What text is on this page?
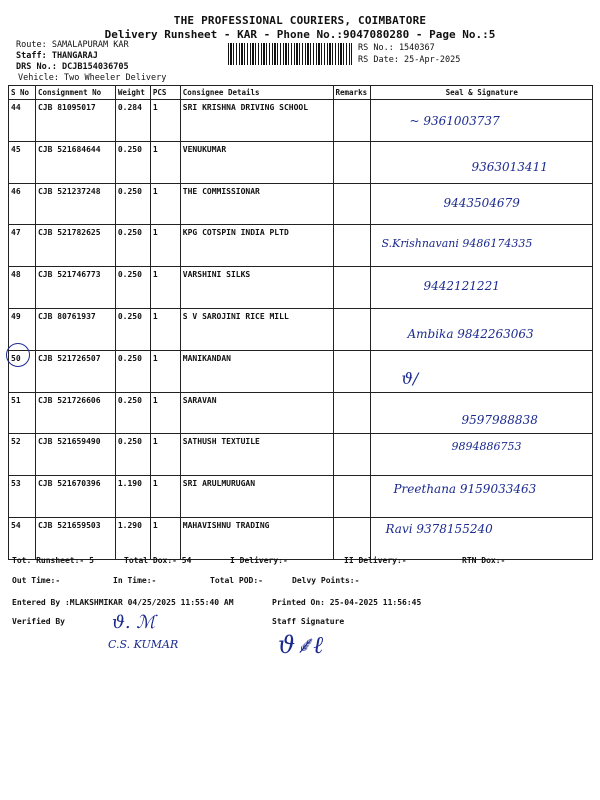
THE PROFESSIONAL COURIERS, COIMBATORE
Delivery Runsheet - KAR - Phone No.:9047080280 - Page No.:5
Route: SAMALAPURAM KAR
Staff: THANGARAJ
DRS No.: DCJB154036705
Vehicle: Two Wheeler Delivery
RS No.: 1540367
RS Date: 25-Apr-2025
S No	Consignment No	Weight	PCS	Consignee Details	Remarks	Seal & Signature
44	CJB 81095017	0.284	1	SRI KRISHNA DRIVING SCHOOL		~ 9361003737

45	CJB 521684644	0.250	1	VENUKUMAR		9363013411

46	CJB 521237248	0.250	1	THE COMMISSIONAR		9443504679

47	CJB 521782625	0.250	1	KPG COTSPIN INDIA PLTD		S.Krishnavani 9486174335

48	CJB 521746773	0.250	1	VARSHINI SILKS		9442121221

49	CJB 80761937	0.250	1	S V SAROJINI RICE MILL		Ambika 9842263063

50	CJB 521726507	0.250	1	MANIKANDAN		ϑ/

51	CJB 521726606	0.250	1	SARAVAN		9597988838

52	CJB 521659490	0.250	1	SATHUSH TEXTUILE		9894886753

53	CJB 521670396	1.190	1	SRI ARULMURUGAN		Preethana 9159033463

54	CJB 521659503	1.290	1	MAHAVISHNU TRADING		Ravi 9378155240
Tot. Runsheet:- 5	Total Dox:- 54	I Delivery:-	II Delivery:-	RTN Dox:-
Out Time:-	In Time:-	Total POD:-	Delvy Points:-
Entered By :MLAKSHMIKAR 04/25/2025 11:55:40 AM	Printed On: 25-04-2025 11:56:45
Verified By	Staff Signature
ϑ. ℳ
C.S. KUMAR	ϑ⸙ℓ
